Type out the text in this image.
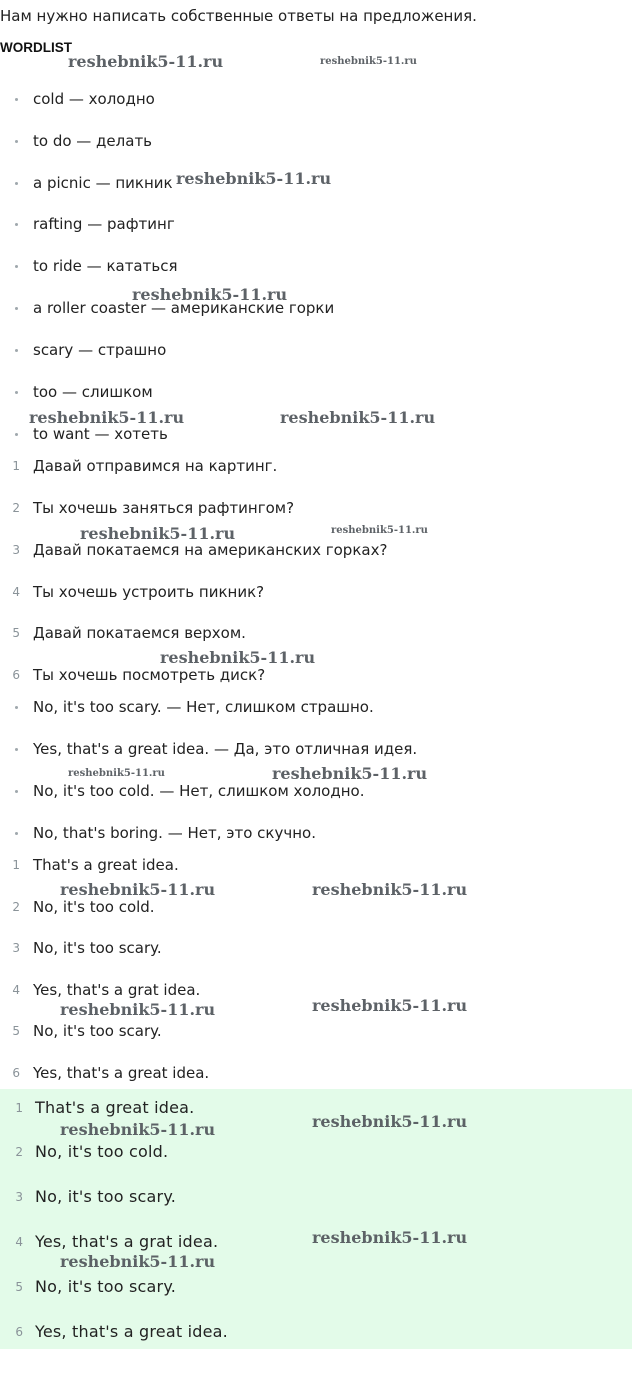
Нам нужно написать собственные ответы на предложения.

WORDLIST
cold — холодно
to do — делать
a picnic — пикник
rafting — рафтинг
to ride — кататься
a roller coaster — американские горки
scary — страшно
too — слишком
to want — хотеть
1 Давай отправимся на картинг.
2 Ты хочешь заняться рафтингом?
3 Давай покатаемся на американских горках?
4 Ты хочешь устроить пикник?
5 Давай покатаемся верхом.
6 Ты хочешь посмотреть диск?
No, it's too scary. — Нет, слишком страшно.
Yes, that's a great idea. — Да, это отличная идея.
No, it's too cold. — Нет, слишком холодно.
No, that's boring. — Нет, это скучно.
1 That's a great idea.
2 No, it's too cold.
3 No, it's too scary.
4 Yes, that's a grat idea.
5 No, it's too scary.
6 Yes, that's a great idea.
1 That's a great idea.
2 No, it's too cold.
3 No, it's too scary.
4 Yes, that's a grat idea.
5 No, it's too scary.
6 Yes, that's a great idea.
reshebnik5-11.ru	reshebnik5-11.ru
reshebnik5-11.ru
reshebnik5-11.ru
reshebnik5-11.ru	reshebnik5-11.ru
reshebnik5-11.ru	reshebnik5-11.ru
reshebnik5-11.ru
reshebnik5-11.ru	reshebnik5-11.ru
reshebnik5-11.ru	reshebnik5-11.ru
reshebnik5-11.ru	reshebnik5-11.ru
reshebnik5-11.ru
reshebnik5-11.ru
reshebnik5-11.ru
reshebnik5-11.ru
